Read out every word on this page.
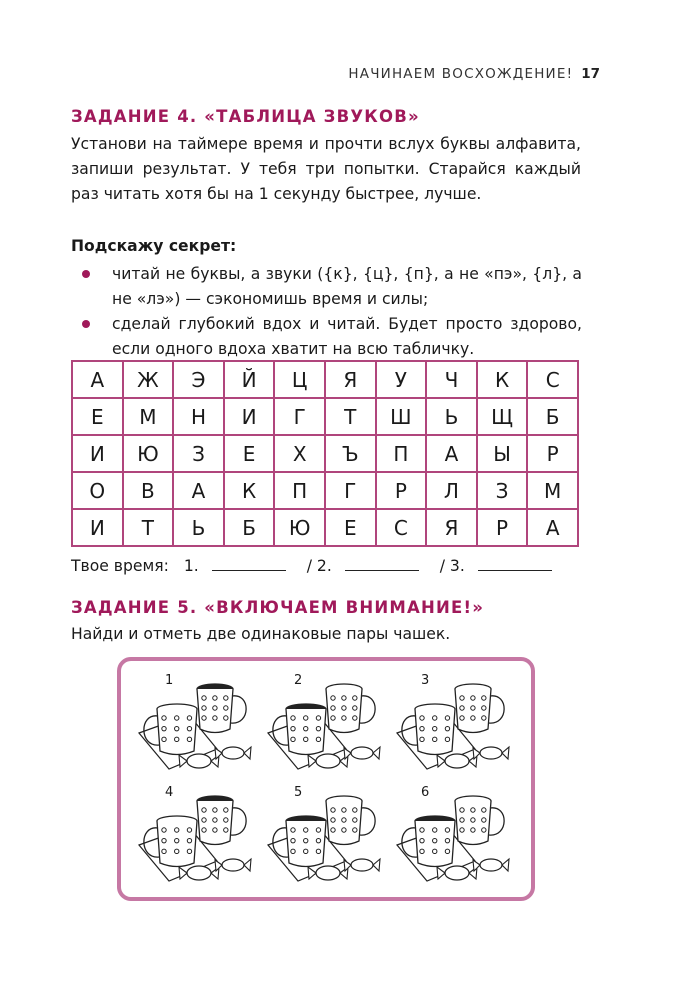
НАЧИНАЕМ ВОСХОЖДЕНИЕ! 17
ЗАДАНИЕ 4. «ТАБЛИЦА ЗВУКОВ»
Установи на таймере время и прочти вслух буквы алфавита, запиши результат. У тебя три попытки. Старайся каждый раз читать хотя бы на 1 секунду быстрее, лучше.
Подскажу секрет:
читай не буквы, а звуки ({к}, {ц}, {п}, а не «пэ», {л}, а не «лэ») — сэкономишь время и силы;
сделай глубокий вдох и читай. Будет просто здорово, если одного вдоха хватит на всю табличку.
А	Ж	Э	Й	Ц	Я	У	Ч	К	С
Е	М	Н	И	Г	Т	Ш	Ь	Щ	Б
И	Ю	З	Е	Х	Ъ	П	А	Ы	Р
О	В	А	К	П	Г	Р	Л	З	М
И	Т	Ь	Б	Ю	Е	С	Я	Р	А
Твое время: 1.	/ 2.	/ 3.
ЗАДАНИЕ 5. «ВКЛЮЧАЕМ ВНИМАНИЕ!»
Найди и отметь две одинаковые пары чашек.
1	2	3
4	5	6
